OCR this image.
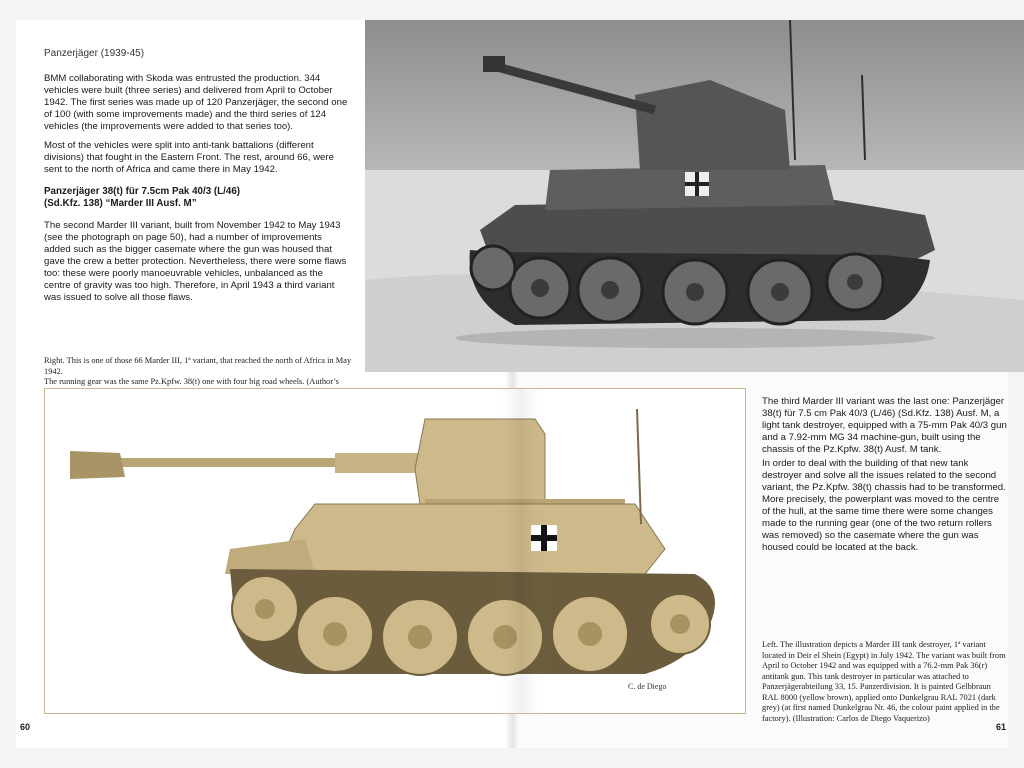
Panzerjäger (1939-45)

BMM collaborating with Skoda was entrusted the production. 344 vehicles were built (three series) and delivered from April to October 1942. The first series was made up of 120 Panzerjäger, the second one of 100 (with some improvements made) and the third series of 124 vehicles (the improvements were added to that series too).

Most of the vehicles were split into anti-tank battalions (different divisions) that fought in the Eastern Front. The rest, around 66, were sent to the north of Africa and came there in May 1942.

Panzerjäger 38(t) für 7.5cm Pak 40/3 (L/46)
(Sd.Kfz. 138) “Marder III Ausf. M”

The second Marder III variant, built from November 1942 to May 1943 (see the photograph on page 50), had a number of improvements added such as the bigger casemate where the gun was housed that gave the crew a better protection. Nevertheless, there were some flaws too: these were poorly manoeuvrable vehicles, unbalanced as the centre of gravity was too high. Therefore, in April 1943 a third variant was issued to solve all those flaws.

Right. This is one of those 66 Marder III, 1ª variant, that reached the north of Africa in May 1942.
The running gear was the same Pz.Kpfw. 38(t) one with four big road wheels. (Author’s
C. de Diego

The third Marder III variant was the last one: Panzerjäger 38(t) für 7.5 cm Pak 40/3 (L/46) (Sd.Kfz. 138) Ausf. M, a light tank destroyer, equipped with a 75-mm Pak 40/3 gun and a 7.92-mm MG 34 machine-gun, built using the chassis of the Pz.Kpfw. 38(t) Ausf. M tank.

In order to deal with the building of that new tank destroyer and solve all the issues related to the second variant, the Pz.Kpfw. 38(t) chassis had to be transformed. More precisely, the powerplant was moved to the centre of the hull, at the same time there were some changes made to the running gear (one of the two return rollers was removed) so the casemate where the gun was housed could be located at the back.

Left. The illustration depicts a Marder III tank destroyer, 1ª variant located in Deir el Shein (Egypt) in July 1942. The variant was built from April to October 1942 and was equipped with a 76.2-mm Pak 36(r) antitank gun. This tank destroyer in particular was attached to Panzerjägerabteilung 33, 15. Panzerdivision. It is painted Gelbbraun RAL 8000 (yellow brown), applied onto Dunkelgrau RAL 7021 (dark grey) (at first named Dunkelgrau Nr. 46, the colour paint applied in the factory). (Illustration: Carlos de Diego Vaquerizo)

60	61
